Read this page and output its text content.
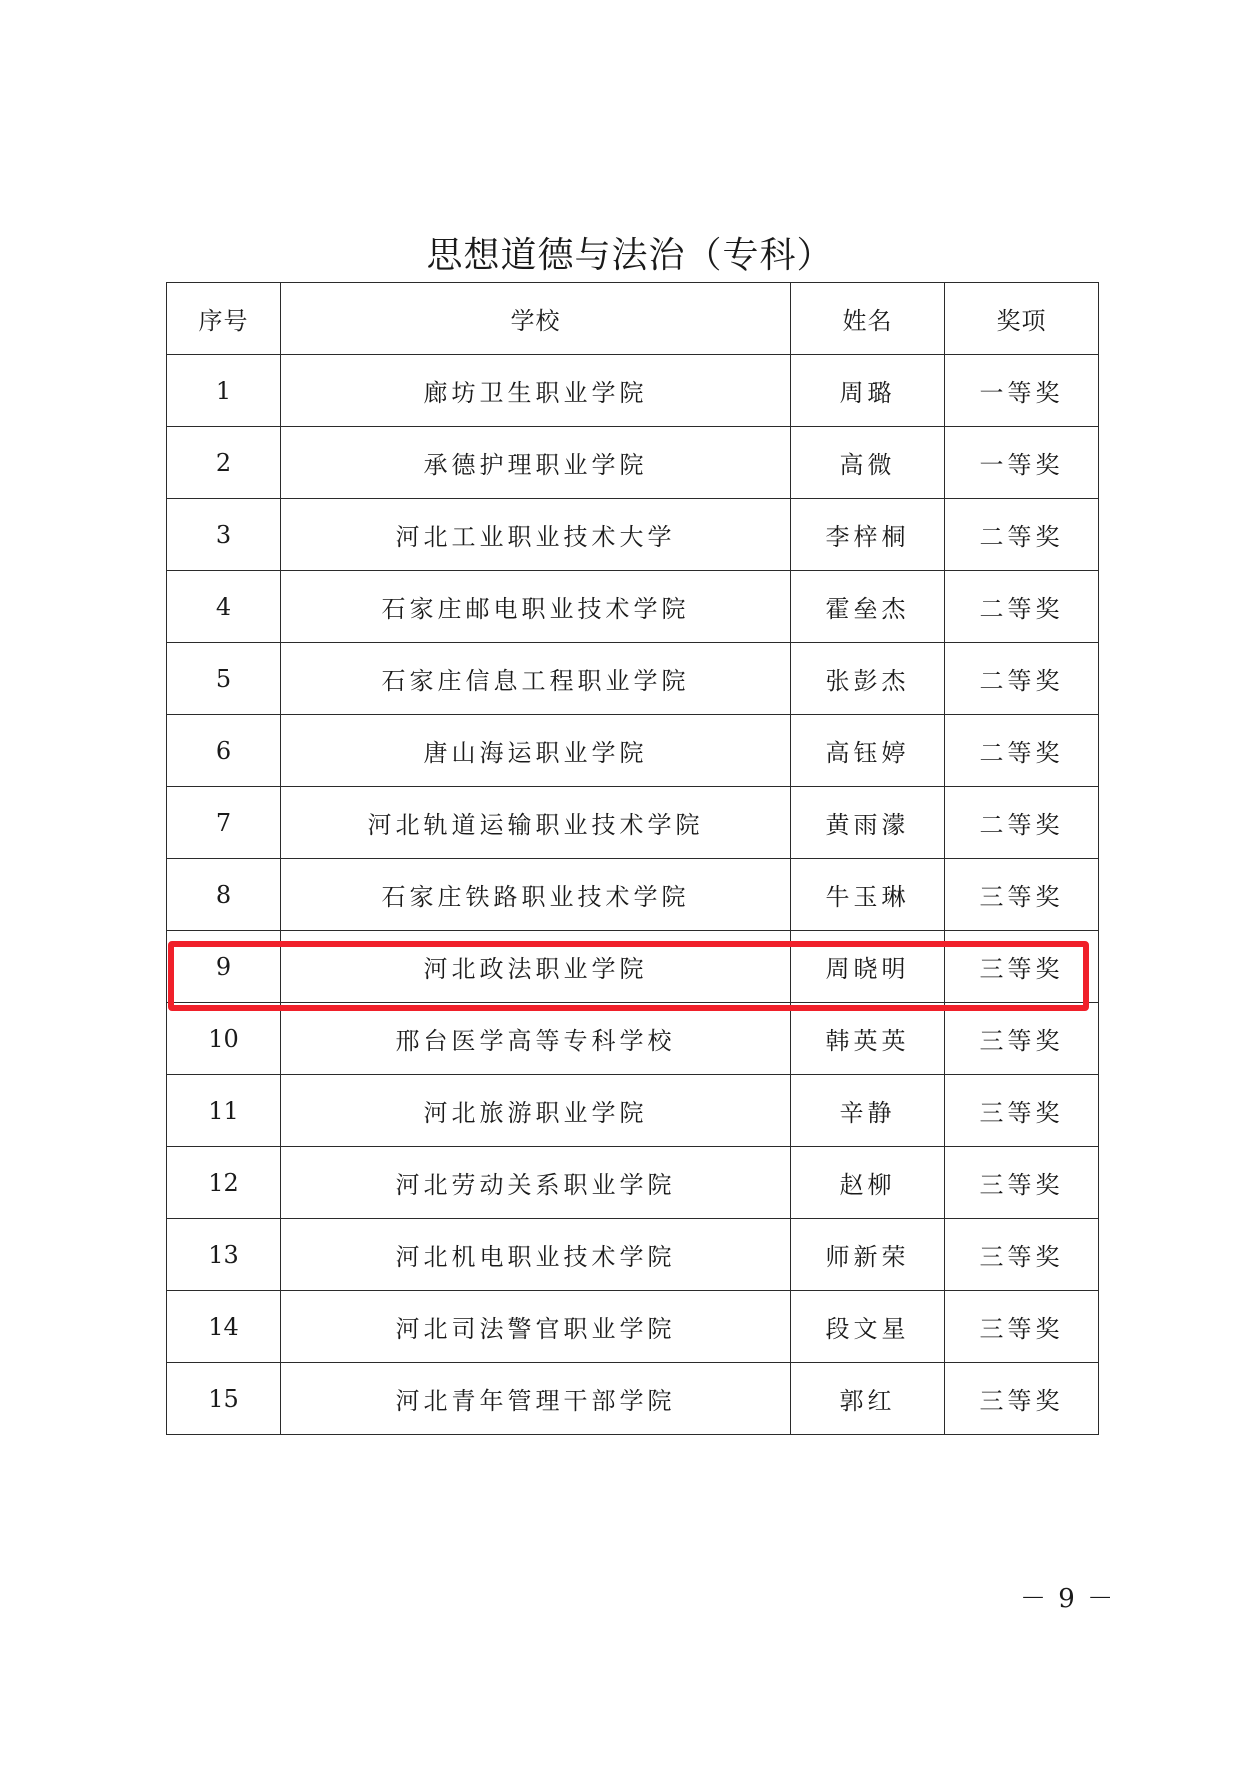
思想道德与法治（专科）
序号	学校	姓名	奖项
1	廊坊卫生职业学院	周璐	一等奖
2	承德护理职业学院	高微	一等奖
3	河北工业职业技术大学	李梓桐	二等奖
4	石家庄邮电职业技术学院	霍垒杰	二等奖
5	石家庄信息工程职业学院	张彭杰	二等奖
6	唐山海运职业学院	高钰婷	二等奖
7	河北轨道运输职业技术学院	黄雨濛	二等奖
8	石家庄铁路职业技术学院	牛玉琳	三等奖
9	河北政法职业学院	周晓明	三等奖
10	邢台医学高等专科学校	韩英英	三等奖
11	河北旅游职业学院	辛静	三等奖
12	河北劳动关系职业学院	赵柳	三等奖
13	河北机电职业技术学院	师新荣	三等奖
14	河北司法警官职业学院	段文星	三等奖
15	河北青年管理干部学院	郭红	三等奖
－ 9 －
